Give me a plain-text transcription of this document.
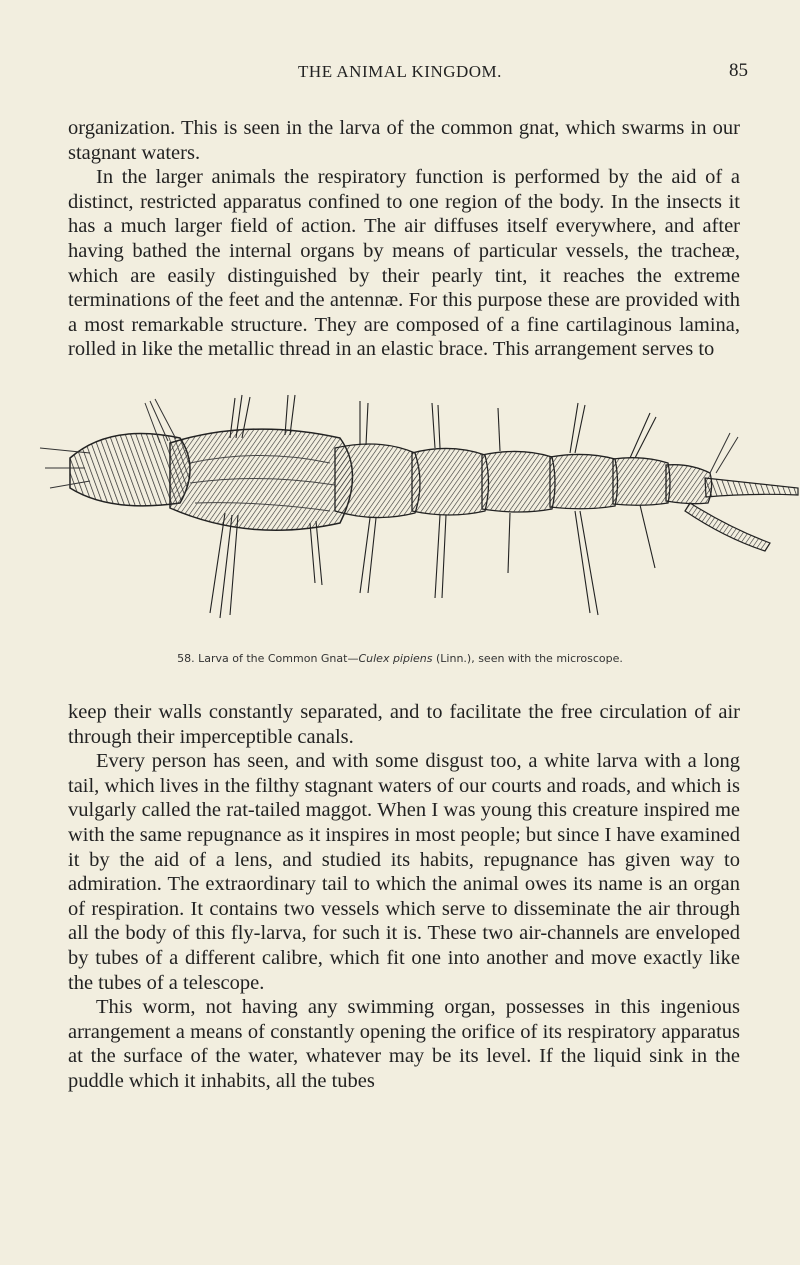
THE ANIMAL KINGDOM.	85

organization. This is seen in the larva of the common gnat, which swarms in our stagnant waters.

In the larger animals the respiratory function is performed by the aid of a distinct, restricted apparatus confined to one region of the body. In the insects it has a much larger field of action. The air diffuses itself everywhere, and after having bathed the internal organs by means of particular vessels, the tracheæ, which are easily distinguished by their pearly tint, it reaches the extreme terminations of the feet and the antennæ. For this purpose these are provided with a most remarkable structure. They are composed of a fine cartilaginous lamina, rolled in like the metallic thread in an elastic brace. This arrangement serves to

58. Larva of the Common Gnat—Culex pipiens (Linn.), seen with the microscope.

keep their walls constantly separated, and to facilitate the free circulation of air through their imperceptible canals.

Every person has seen, and with some disgust too, a white larva with a long tail, which lives in the filthy stagnant waters of our courts and roads, and which is vulgarly called the rat-tailed maggot. When I was young this creature inspired me with the same repugnance as it inspires in most people; but since I have examined it by the aid of a lens, and studied its habits, repugnance has given way to admiration. The extraordinary tail to which the animal owes its name is an organ of respiration. It contains two vessels which serve to disseminate the air through all the body of this fly-larva, for such it is. These two air-channels are enveloped by tubes of a different calibre, which fit one into another and move exactly like the tubes of a telescope.

This worm, not having any swimming organ, possesses in this ingenious arrangement a means of constantly opening the orifice of its respiratory apparatus at the surface of the water, whatever may be its level. If the liquid sink in the puddle which it inhabits, all the tubes
